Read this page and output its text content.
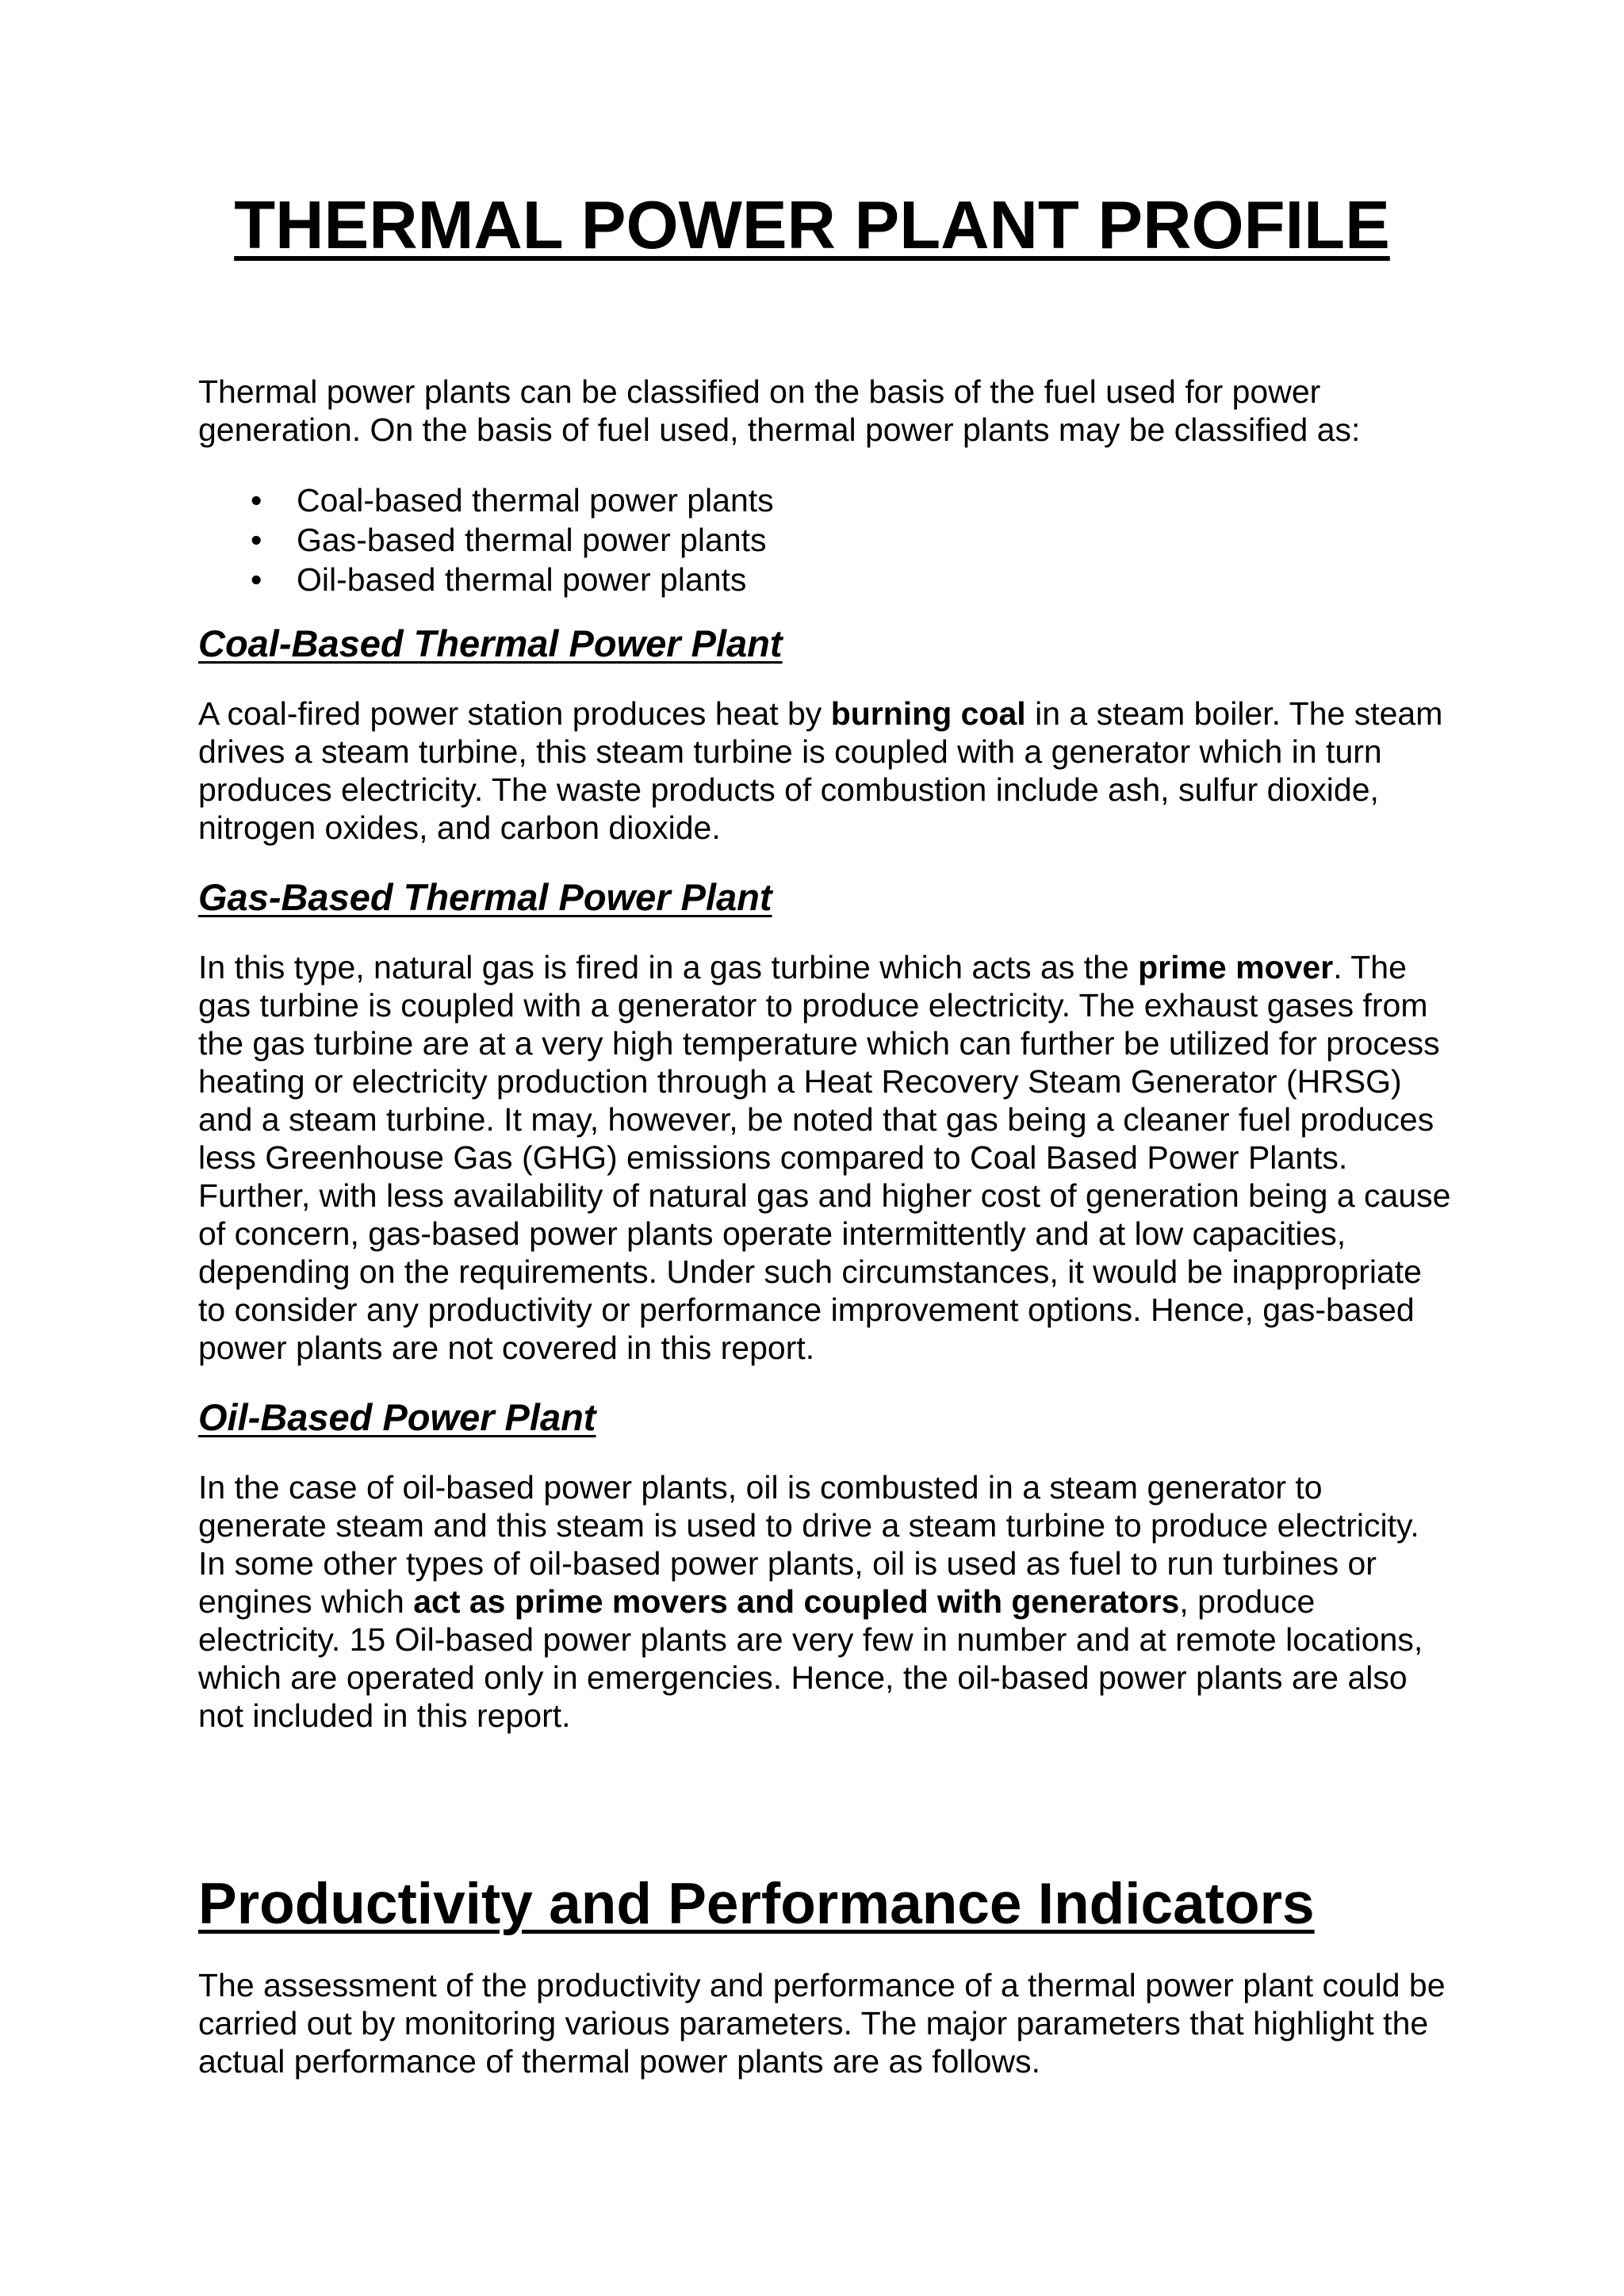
THERMAL POWER PLANT PROFILE

Thermal power plants can be classified on the basis of the fuel used for power generation. On the basis of fuel used, thermal power plants may be classified as:

• Coal-based thermal power plants
• Gas-based thermal power plants
• Oil-based thermal power plants
Coal-Based Thermal Power Plant

A coal-fired power station produces heat by burning coal in a steam boiler. The steam drives a steam turbine, this steam turbine is coupled with a generator which in turn produces electricity. The waste products of combustion include ash, sulfur dioxide, nitrogen oxides, and carbon dioxide.

Gas-Based Thermal Power Plant

In this type, natural gas is fired in a gas turbine which acts as the prime mover. The gas turbine is coupled with a generator to produce electricity. The exhaust gases from the gas turbine are at a very high temperature which can further be utilized for process heating or electricity production through a Heat Recovery Steam Generator (HRSG) and a steam turbine. It may, however, be noted that gas being a cleaner fuel produces less Greenhouse Gas (GHG) emissions compared to Coal Based Power Plants. Further, with less availability of natural gas and higher cost of generation being a cause of concern, gas-based power plants operate intermittently and at low capacities, depending on the requirements. Under such circumstances, it would be inappropriate to consider any productivity or performance improvement options. Hence, gas-based power plants are not covered in this report.

Oil-Based Power Plant

In the case of oil-based power plants, oil is combusted in a steam generator to generate steam and this steam is used to drive a steam turbine to produce electricity. In some other types of oil-based power plants, oil is used as fuel to run turbines or engines which act as prime movers and coupled with generators, produce electricity. 15 Oil-based power plants are very few in number and at remote locations, which are operated only in emergencies. Hence, the oil-based power plants are also not included in this report.

Productivity and Performance Indicators

The assessment of the productivity and performance of a thermal power plant could be carried out by monitoring various parameters. The major parameters that highlight the actual performance of thermal power plants are as follows.
